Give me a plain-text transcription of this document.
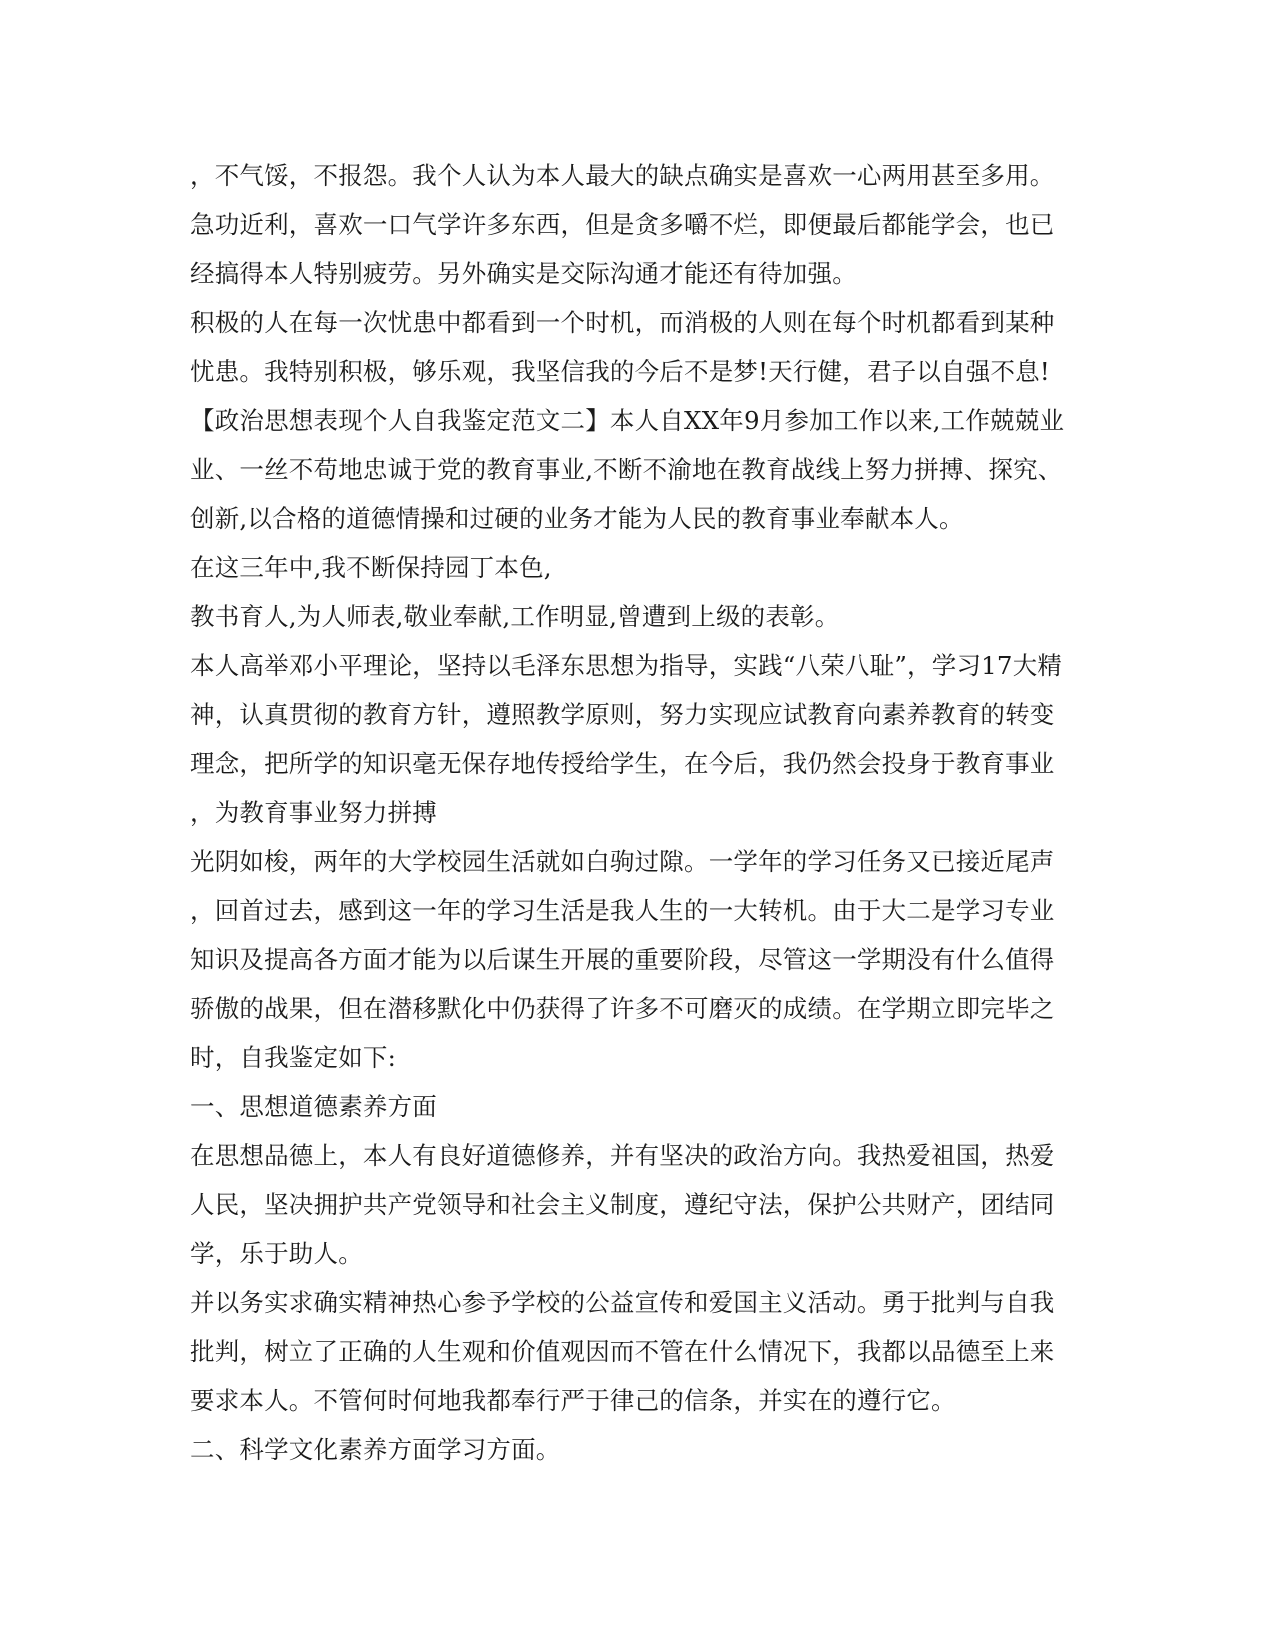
，不气馁，不报怨。我个人认为本人最大的缺点确实是喜欢一心两用甚至多用。
急功近利，喜欢一口气学许多东西，但是贪多嚼不烂，即便最后都能学会，也已
经搞得本人特别疲劳。另外确实是交际沟通才能还有待加强。
积极的人在每一次忧患中都看到一个时机，而消极的人则在每个时机都看到某种
忧患。我特别积极，够乐观，我坚信我的今后不是梦!天行健，君子以自强不息!
【政治思想表现个人自我鉴定范文二】本人自XX年9月参加工作以来,工作兢兢业
业、一丝不苟地忠诚于党的教育事业,不断不渝地在教育战线上努力拼搏、探究、
创新,以合格的道德情操和过硬的业务才能为人民的教育事业奉献本人。
在这三年中,我不断保持园丁本色,
教书育人,为人师表,敬业奉献,工作明显,曾遭到上级的表彰。
本人高举邓小平理论，坚持以毛泽东思想为指导，实践“八荣八耻”，学习17大精
神，认真贯彻的教育方针，遵照教学原则，努力实现应试教育向素养教育的转变
理念，把所学的知识毫无保存地传授给学生，在今后，我仍然会投身于教育事业
，为教育事业努力拼搏
光阴如梭，两年的大学校园生活就如白驹过隙。一学年的学习任务又已接近尾声
，回首过去，感到这一年的学习生活是我人生的一大转机。由于大二是学习专业
知识及提高各方面才能为以后谋生开展的重要阶段，尽管这一学期没有什么值得
骄傲的战果，但在潜移默化中仍获得了许多不可磨灭的成绩。在学期立即完毕之
时，自我鉴定如下:
一、思想道德素养方面
在思想品德上，本人有良好道德修养，并有坚决的政治方向。我热爱祖国，热爱
人民，坚决拥护共产党领导和社会主义制度，遵纪守法，保护公共财产，团结同
学，乐于助人。
并以务实求确实精神热心参予学校的公益宣传和爱国主义活动。勇于批判与自我
批判，树立了正确的人生观和价值观因而不管在什么情况下，我都以品德至上来
要求本人。不管何时何地我都奉行严于律己的信条，并实在的遵行它。
二、科学文化素养方面学习方面。
